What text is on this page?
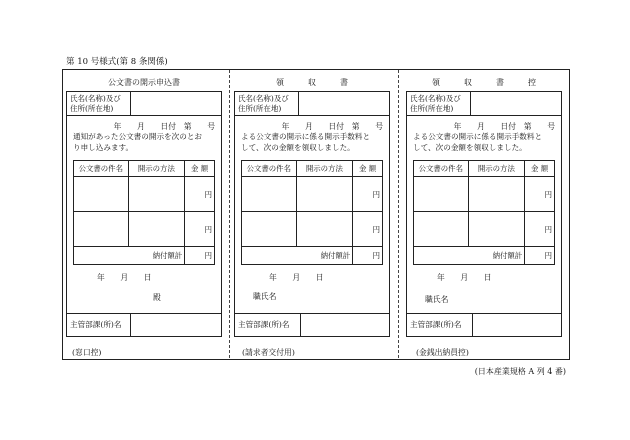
第 10 号様式(第 8 条関係)
公文書の開示申込書
氏名(名称)及び
住所(所在地)
年　　月　　日付　第　　号
通知があった公文書の開示を次のとお
り申し込みます。
公文書の件名	開示の方法	金 額
		円
		円
納付額計		円
年　　月　　日
殿
主管部課(所)名
(窓口控)
領　　　収　　　書
氏名(名称)及び
住所(所在地)
年　　月　　日付　第　　号
よる公文書の開示に係る開示手数料と
して、次の金額を領収しました。
公文書の件名	開示の方法	金 額
		円
		円
納付額計		円
年　　月　　日
職氏名
主管部課(所)名
(請求者交付用)
領　　　収　　　書　　　控
氏名(名称)及び
住所(所在地)
年　　月　　日付　第　　号
よる公文書の開示に係る開示手数料と
して、次の金額を領収しました。
公文書の件名	開示の方法	金 額
		円
		円
納付額計		円
年　　月　　日
職氏名
主管部課(所)名
(金銭出納員控)
(日本産業規格 A 列 4 番)
